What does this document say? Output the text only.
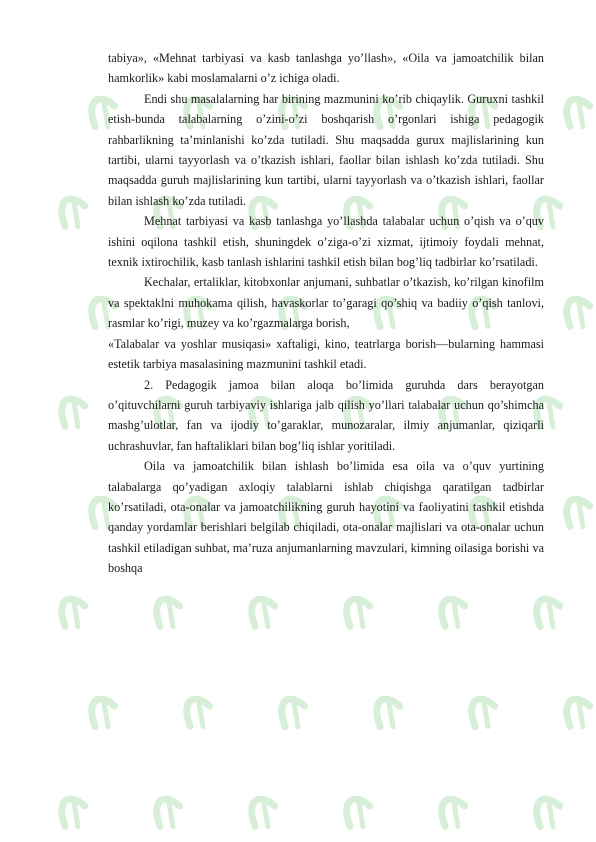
tabiya», «Mehnat tarbiyasi va kasb tanlashga yo’llash», «Oila va jamoatchilik bilan hamkorlik» kabi moslamalarni o’z ichiga oladi.

Endi shu masalalarning har birining mazmunini ko’rib chiqaylik. Guruxni tashkil etish-bunda talabalarning o’zini-o’zi boshqarish o’rgonlari ishiga pedagogik rahbarlikning ta’minlanishi ko’zda tutiladi. Shu maqsadda gurux majlislarining kun tartibi, ularni tayyorlash va o’tkazish ishlari, faollar bilan ishlash ko’zda tutiladi. Shu maqsadda guruh majlislarining kun tartibi, ularni tayyorlash va o’tkazish ishlari, faollar bilan ishlash ko’zda tutiladi.

Mehnat tarbiyasi va kasb tanlashga yo’llashda talabalar uchun o’qish va o’quv ishini oqilona tashkil etish, shuningdek o’ziga-o’zi xizmat, ijtimoiy foydali mehnat, texnik ixtirochilik, kasb tanlash ishlarini tashkil etish bilan bog’liq tadbirlar ko’rsatiladi.

Kechalar, ertaliklar, kitobxonlar anjumani, suhbatlar o’tkazish, ko’rilgan kinofilm va spektaklni muhokama qilish, havaskorlar to’garagi qo’shiq va badiiy o’qish tanlovi, rasmlar ko’rigi, muzey va ko’rgazmalarga borish,

«Talabalar va yoshlar musiqasi» xaftaligi, kino, teatrlarga borish—bularning hammasi estetik tarbiya masalasining mazmunini tashkil etadi.

2. Pedagogik jamoa bilan aloqa bo’limida guruhda dars berayotgan o’qituvchilarni guruh tarbiyaviy ishlariga jalb qilish yo’llari talabalar uchun qo’shimcha mashg’ulotlar, fan va ijodiy to’garaklar, munozaralar, ilmiy anjumanlar, qiziqarli uchrashuvlar, fan haftaliklari bilan bog’liq ishlar yoritiladi.

Oila va jamoatchilik bilan ishlash bo’limida esa oila va o’quv yurtining talabalarga qo’yadigan axloqiy talablarni ishlab chiqishga qaratilgan tadbirlar ko’rsatiladi, ota-onalar va jamoatchilikning guruh hayotini va faoliyatini tashkil etishda qanday yordamlar berishlari belgilab chiqiladi, ota-onalar majlislari va ota-onalar uchun tashkil etiladigan suhbat, ma’ruza anjumanlarning mavzulari, kimning oilasiga borishi va boshqa
